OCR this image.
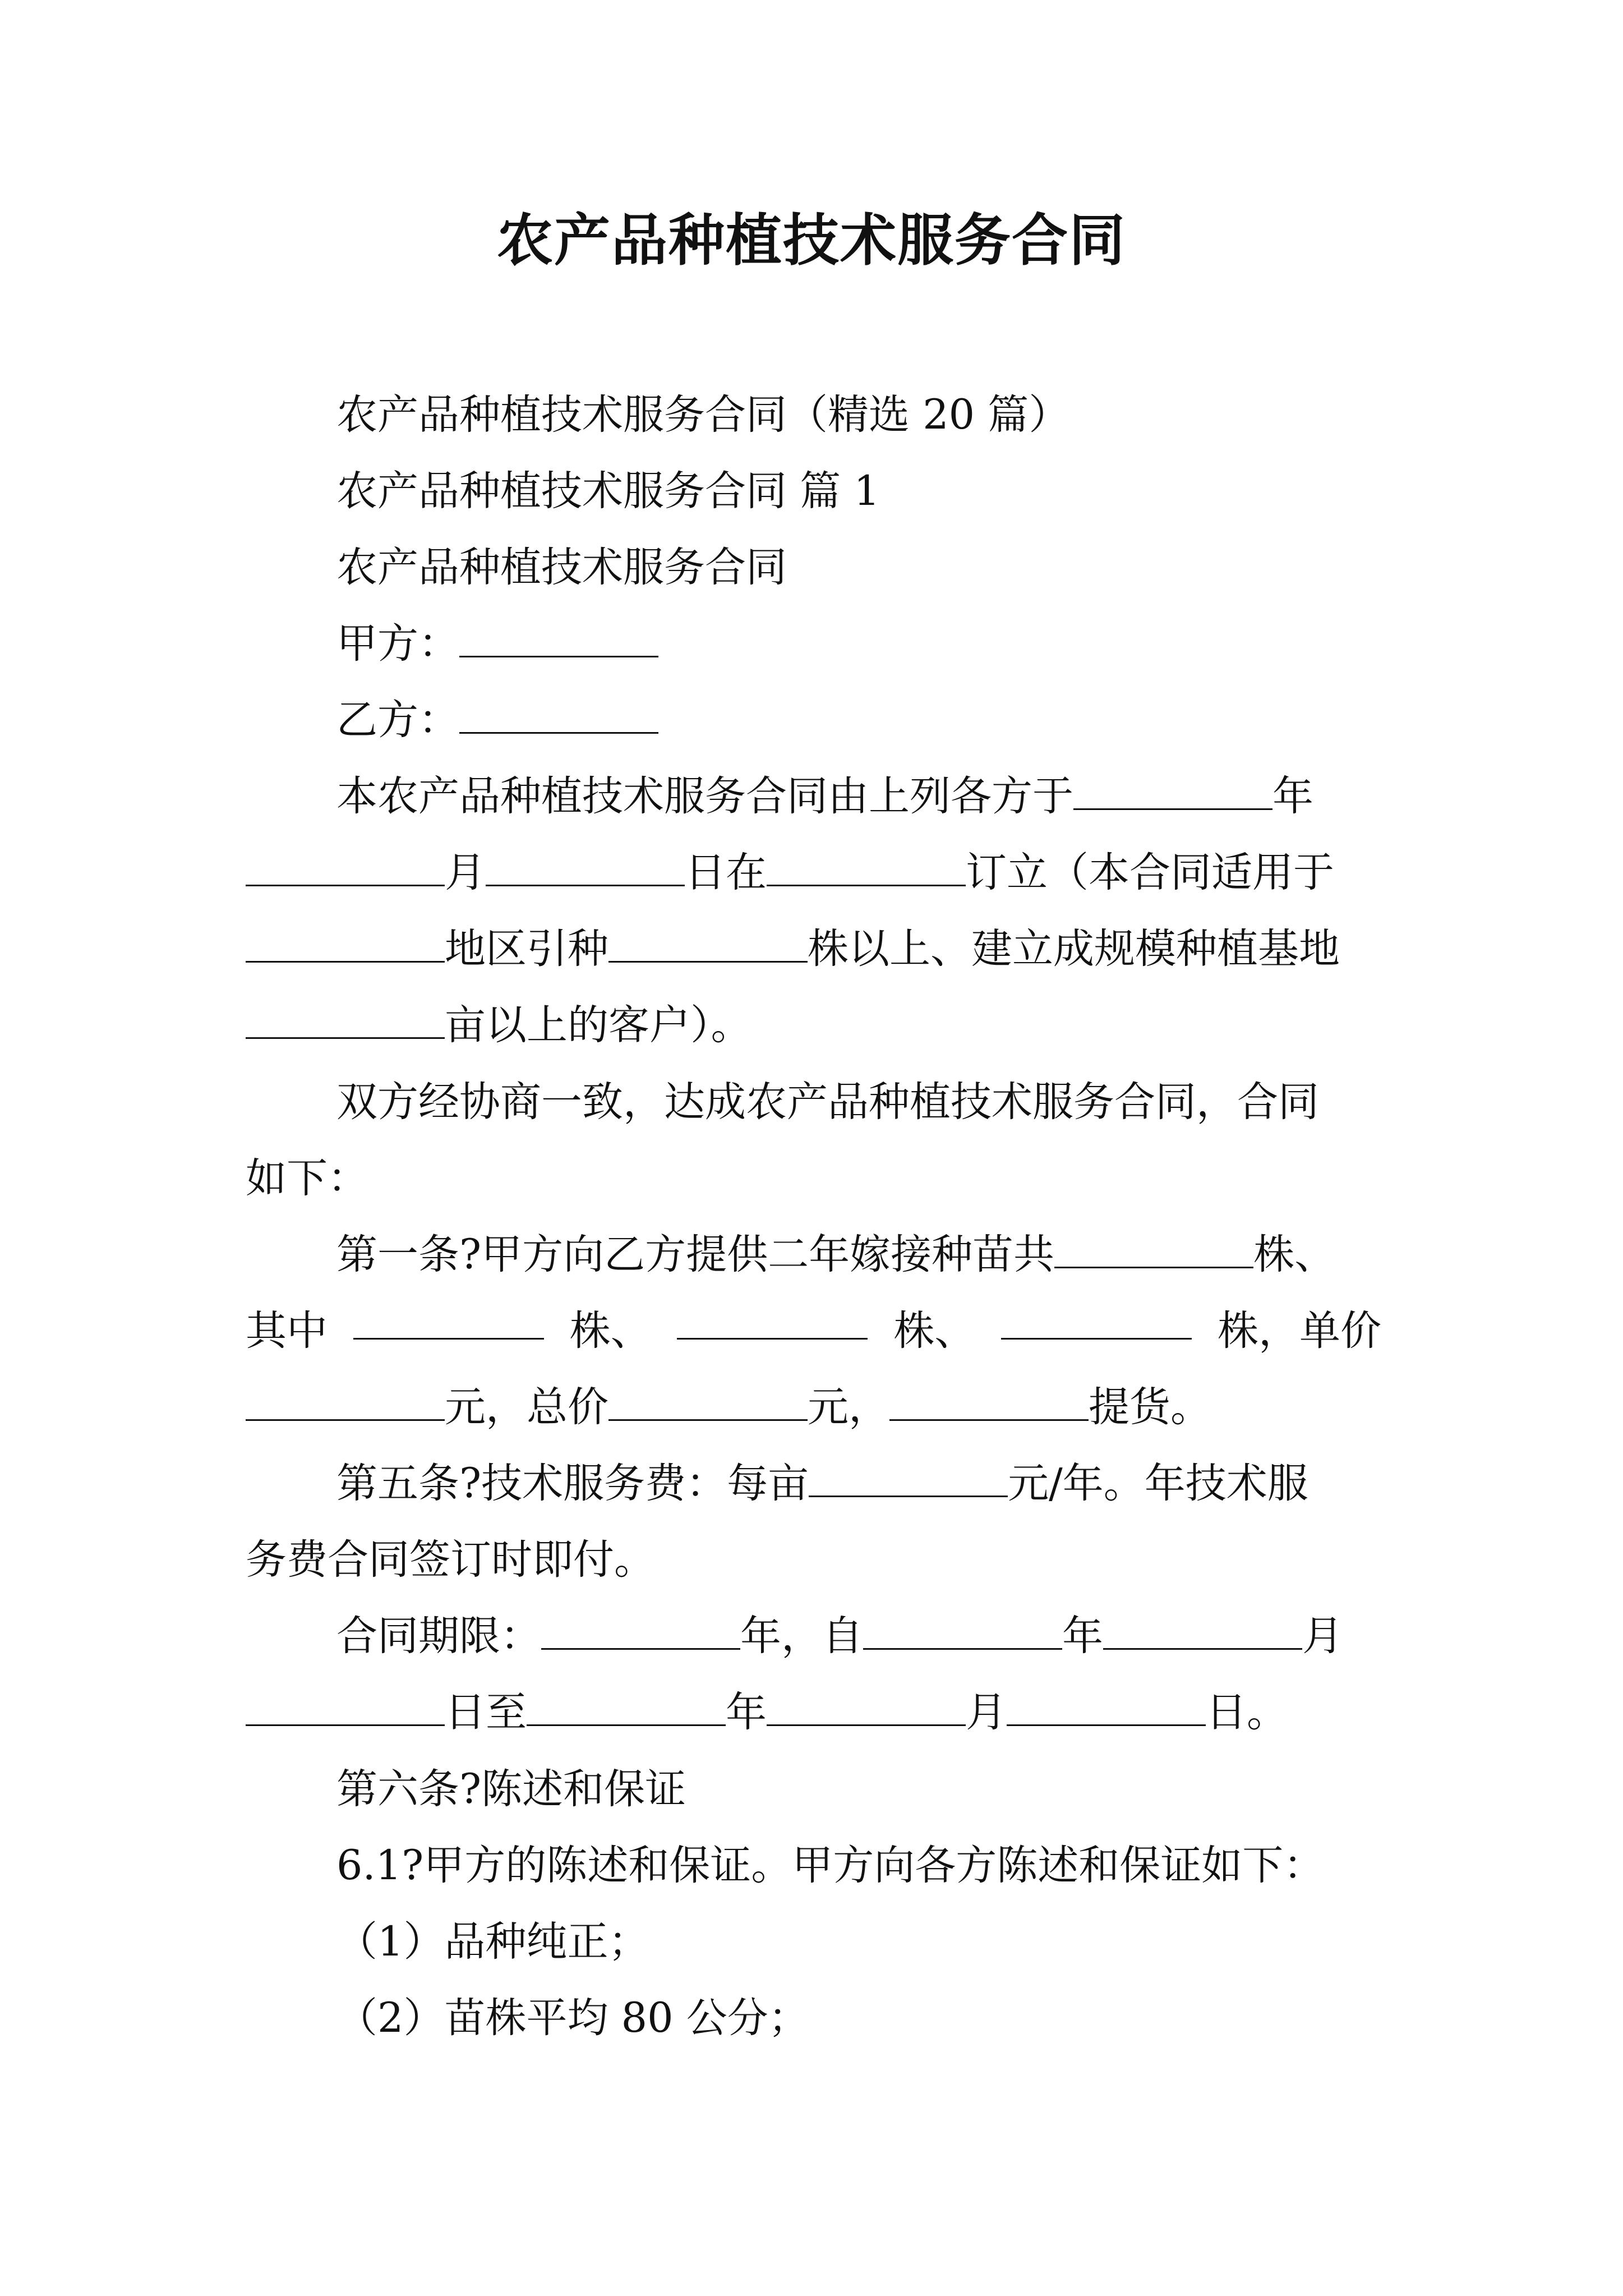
农产品种植技术服务合同
农产品种植技术服务合同（精选 20 篇）
农产品种植技术服务合同 篇 1
农产品种植技术服务合同
甲方：
乙方：
本农产品种植技术服务合同由上列各方于	年
月	日在	订立（本合同适用于
地区引种	株以上、建立成规模种植基地
亩以上的客户）。
双方经协商一致，达成农产品种植技术服务合同，合同
如下：
第一条?甲方向乙方提供二年嫁接种苗共	株、
其中	株、	株、	株，单价
元，总价	元，	提货。
第五条?技术服务费：每亩	元/年。年技术服
务费合同签订时即付。
合同期限：	年，自	年	月
日至	年	月	日。
第六条?陈述和保证
6.1?甲方的陈述和保证。甲方向各方陈述和保证如下：
（1）品种纯正；
（2）苗株平均 80 公分；
